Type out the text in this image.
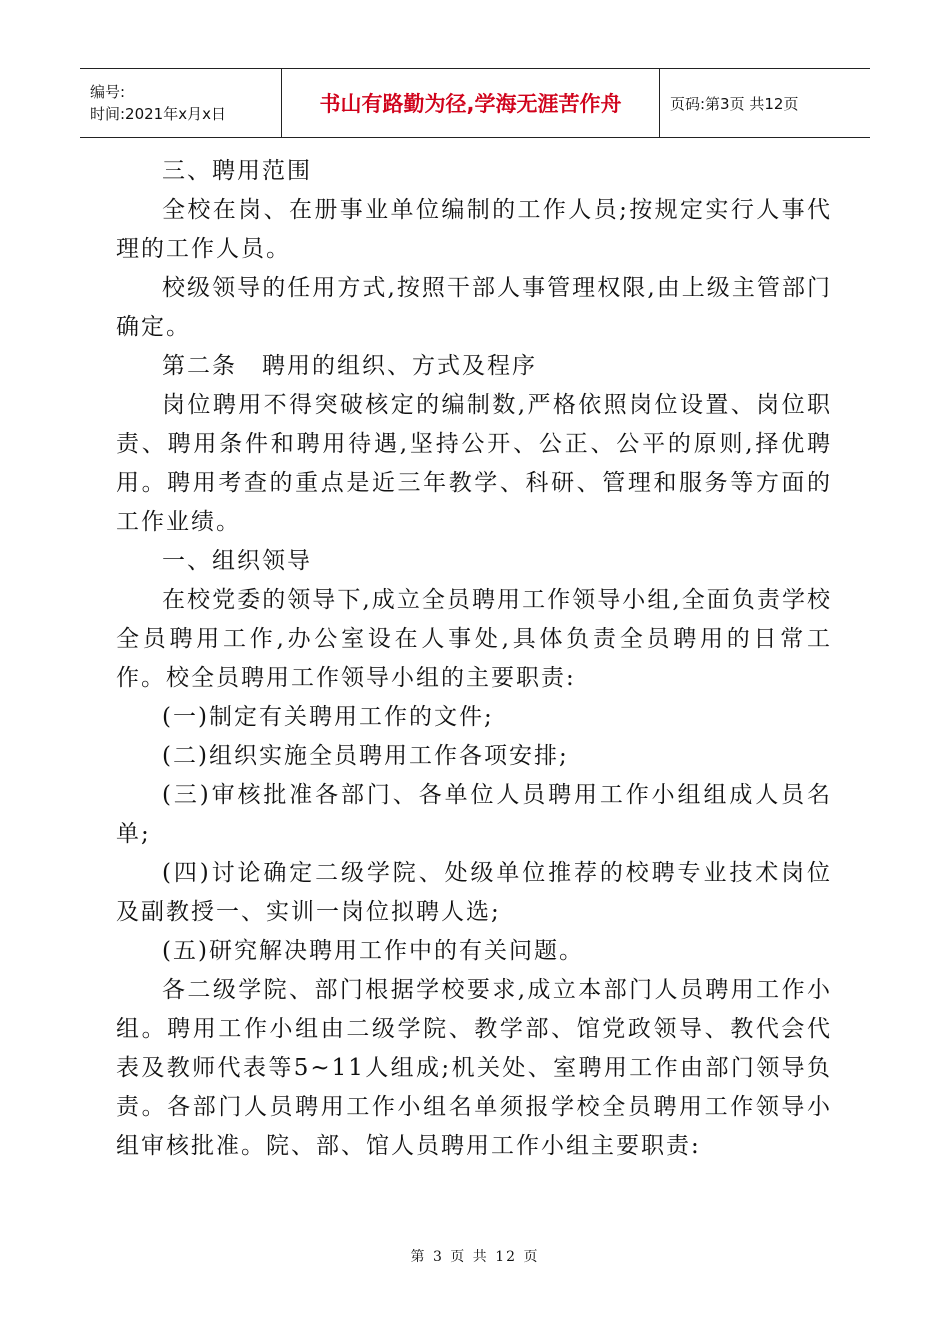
编号:
时间:2021年x月x日	书山有路勤为径,学海无涯苦作舟	页码:第3页 共12页

三、聘用范围

全校在岗、在册事业单位编制的工作人员;按规定实行人事代理的工作人员。

校级领导的任用方式,按照干部人事管理权限,由上级主管部门确定。

第二条　聘用的组织、方式及程序

岗位聘用不得突破核定的编制数,严格依照岗位设置、岗位职责、聘用条件和聘用待遇,坚持公开、公正、公平的原则,择优聘用。聘用考查的重点是近三年教学、科研、管理和服务等方面的工作业绩。

一、组织领导

在校党委的领导下,成立全员聘用工作领导小组,全面负责学校全员聘用工作,办公室设在人事处,具体负责全员聘用的日常工作。校全员聘用工作领导小组的主要职责:

(一)制定有关聘用工作的文件;

(二)组织实施全员聘用工作各项安排;

(三)审核批准各部门、各单位人员聘用工作小组组成人员名单;

(四)讨论确定二级学院、处级单位推荐的校聘专业技术岗位及副教授一、实训一岗位拟聘人选;

(五)研究解决聘用工作中的有关问题。

各二级学院、部门根据学校要求,成立本部门人员聘用工作小组。聘用工作小组由二级学院、教学部、馆党政领导、教代会代表及教师代表等5~11人组成;机关处、室聘用工作由部门领导负责。各部门人员聘用工作小组名单须报学校全员聘用工作领导小组审核批准。院、部、馆人员聘用工作小组主要职责:

第 3 页 共 12 页
